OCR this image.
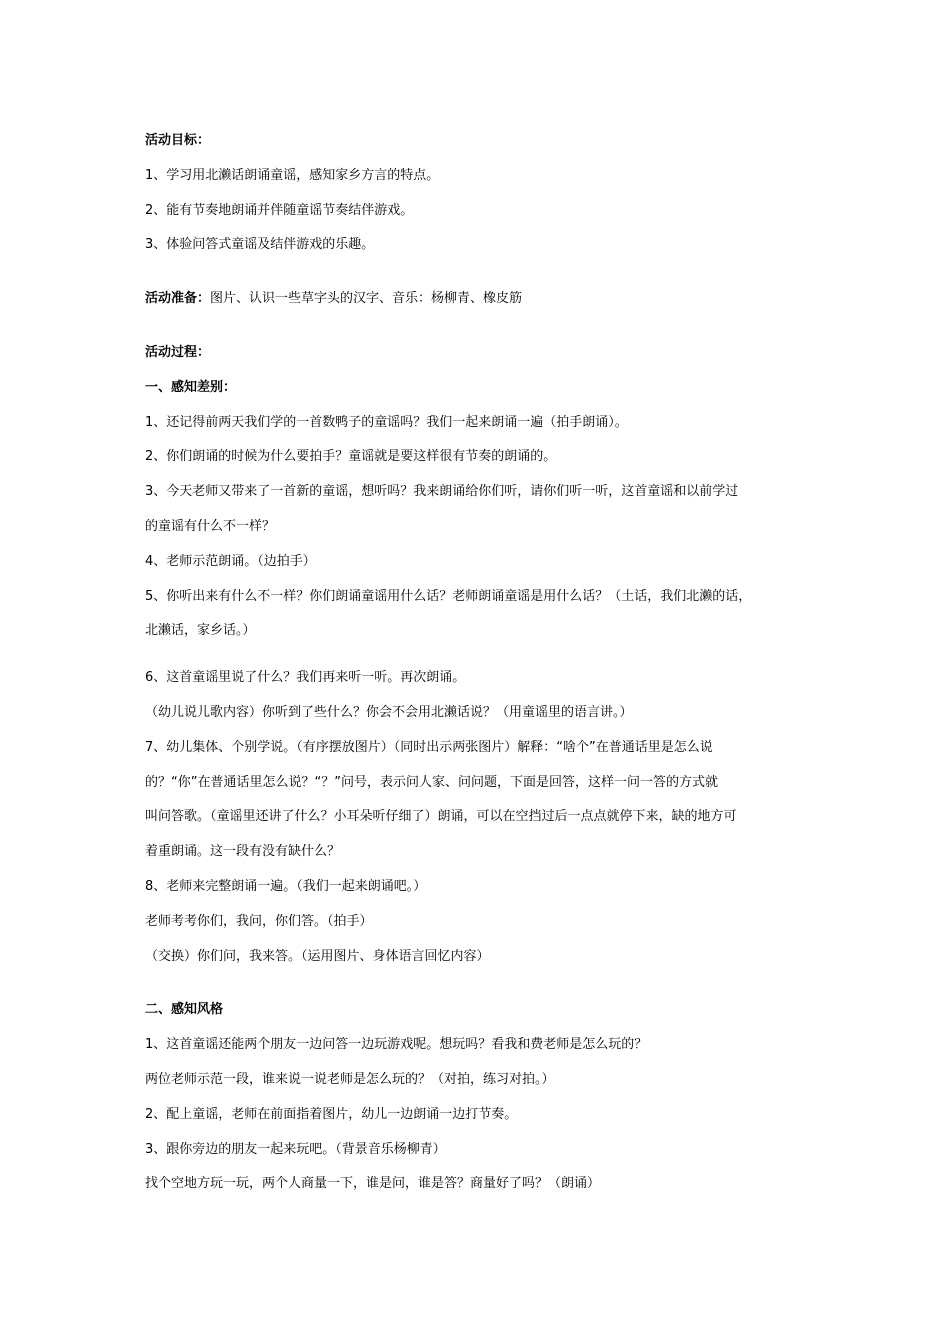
活动目标：

1、学习用北濑话朗诵童谣，感知家乡方言的特点。

2、能有节奏地朗诵并伴随童谣节奏结伴游戏。

3、体验问答式童谣及结伴游戏的乐趣。

活动准备：图片、认识一些草字头的汉字、音乐：杨柳青、橡皮筋

活动过程：

一、感知差别：

1、还记得前两天我们学的一首数鸭子的童谣吗？我们一起来朗诵一遍（拍手朗诵）。

2、你们朗诵的时候为什么要拍手？童谣就是要这样很有节奏的朗诵的。

3、今天老师又带来了一首新的童谣，想听吗？我来朗诵给你们听，请你们听一听，这首童谣和以前学过

的童谣有什么不一样？

4、老师示范朗诵。（边拍手）

5、你听出来有什么不一样？你们朗诵童谣用什么话？老师朗诵童谣是用什么话？（土话，我们北濑的话，

北濑话，家乡话。）

6、这首童谣里说了什么？我们再来听一听。再次朗诵。

（幼儿说儿歌内容）你听到了些什么？你会不会用北濑话说？（用童谣里的语言讲。）

7、幼儿集体、个别学说。（有序摆放图片）（同时出示两张图片）解释：“啥个”在普通话里是怎么说

的？“你”在普通话里怎么说？“？”问号，表示问人家、问问题，下面是回答，这样一问一答的方式就

叫问答歌。（童谣里还讲了什么？小耳朵听仔细了）朗诵，可以在空挡过后一点点就停下来，缺的地方可

着重朗诵。这一段有没有缺什么？

8、老师来完整朗诵一遍。（我们一起来朗诵吧。）

老师考考你们，我问，你们答。（拍手）

（交换）你们问，我来答。（运用图片、身体语言回忆内容）

二、感知风格

1、这首童谣还能两个朋友一边问答一边玩游戏呢。想玩吗？看我和费老师是怎么玩的？

两位老师示范一段，谁来说一说老师是怎么玩的？（对拍，练习对拍。）

2、配上童谣，老师在前面指着图片，幼儿一边朗诵一边打节奏。

3、跟你旁边的朋友一起来玩吧。（背景音乐杨柳青）

找个空地方玩一玩，两个人商量一下，谁是问，谁是答？商量好了吗？（朗诵）
